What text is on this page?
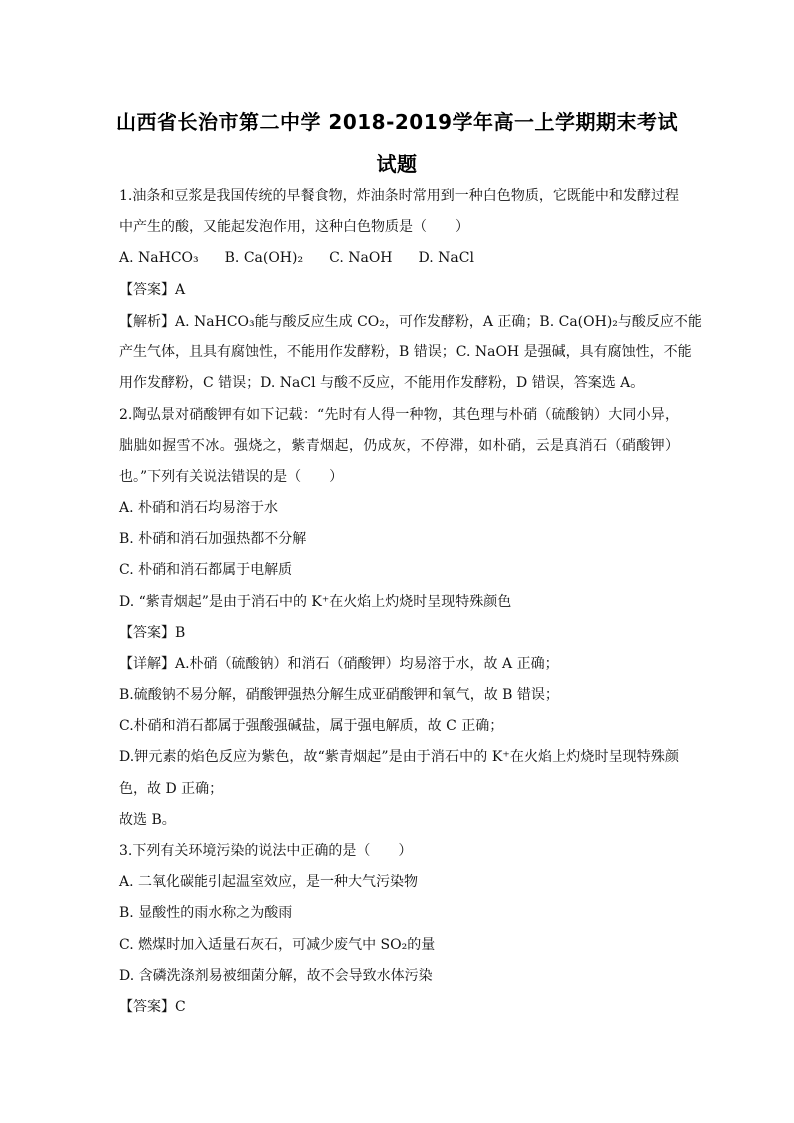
山西省长治市第二中学 2018-2019学年高一上学期期末考试
试题
1.油条和豆浆是我国传统的早餐食物，炸油条时常用到一种白色物质，它既能中和发酵过程
中产生的酸，又能起发泡作用，这种白色物质是（　　）
A. NaHCO₃ B. Ca(OH)₂ C. NaOH D. NaCl
【答案】A
【解析】A. NaHCO₃能与酸反应生成 CO₂，可作发酵粉，A 正确；B. Ca(OH)₂与酸反应不能
产生气体，且具有腐蚀性，不能用作发酵粉，B 错误；C. NaOH 是强碱，具有腐蚀性，不能
用作发酵粉，C 错误；D. NaCl 与酸不反应，不能用作发酵粉，D 错误，答案选 A。
2.陶弘景对硝酸钾有如下记载：“先时有人得一种物，其色理与朴硝（硫酸钠）大同小异，
朏朏如握雪不冰。强烧之，紫青烟起，仍成灰，不停滞，如朴硝，云是真消石（硝酸钾）
也。”下列有关说法错误的是（　　）
A. 朴硝和消石均易溶于水
B. 朴硝和消石加强热都不分解
C. 朴硝和消石都属于电解质
D. “紫青烟起”是由于消石中的 K⁺在火焰上灼烧时呈现特殊颜色
【答案】B
【详解】A.朴硝（硫酸钠）和消石（硝酸钾）均易溶于水，故 A 正确；
B.硫酸钠不易分解，硝酸钾强热分解生成亚硝酸钾和氧气，故 B 错误；
C.朴硝和消石都属于强酸强碱盐，属于强电解质，故 C 正确；
D.钾元素的焰色反应为紫色，故“紫青烟起”是由于消石中的 K⁺在火焰上灼烧时呈现特殊颜
色，故 D 正确；
故选 B。
3.下列有关环境污染的说法中正确的是（　　）
A. 二氧化碳能引起温室效应，是一种大气污染物
B. 显酸性的雨水称之为酸雨
C. 燃煤时加入适量石灰石，可减少废气中 SO₂的量
D. 含磷洗涤剂易被细菌分解，故不会导致水体污染
【答案】C
